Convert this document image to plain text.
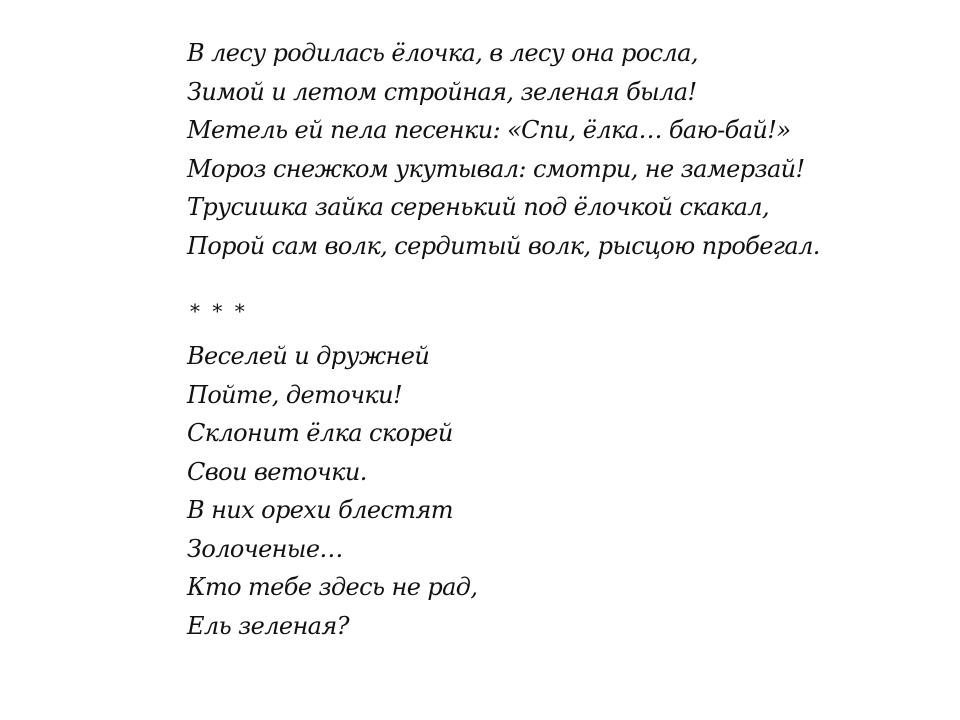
В лесу родилась ёлочка, в лесу она росла,
Зимой и летом стройная, зеленая была!
Метель ей пела песенки: «Спи, ёлка… баю-бай!»
Мороз снежком укутывал: смотри, не замерзай!
Трусишка зайка серенький под ёлочкой скакал,
Порой сам волк, сердитый волк, рысцою пробегал.
* * *
Веселей и дружней
Пойте, деточки!
Склонит ёлка скорей
Свои веточки.
В них орехи блестят
Золоченые…
Кто тебе здесь не рад,
Ель зеленая?
